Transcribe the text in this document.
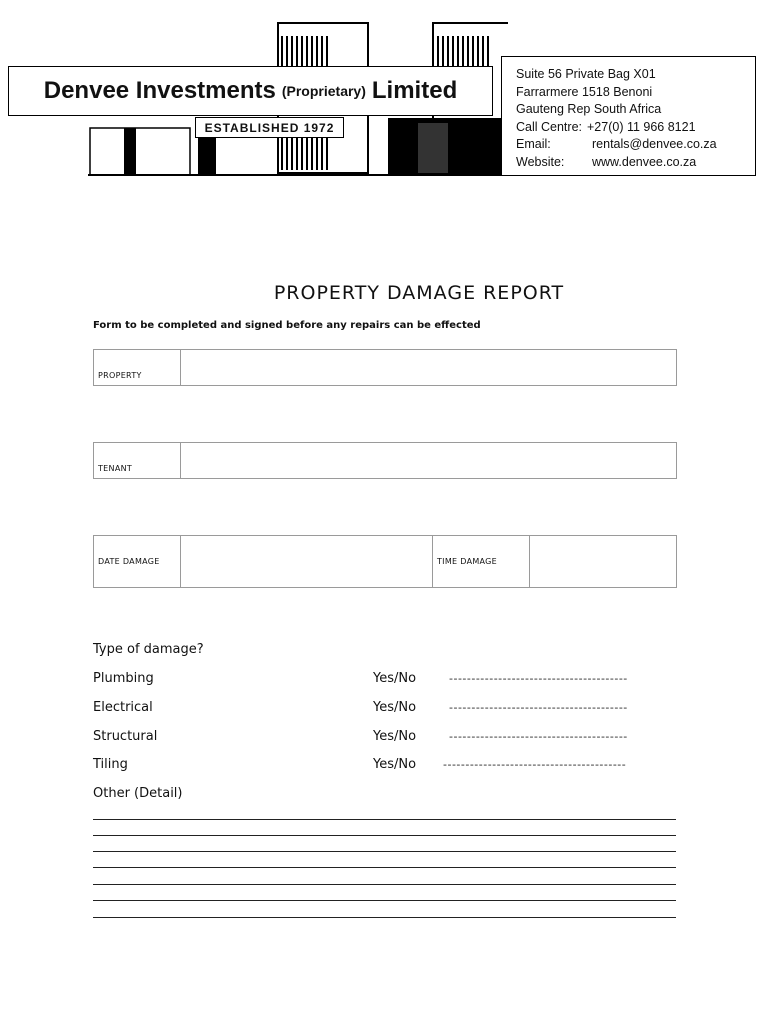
Denvee Investments (Proprietary) Limited
ESTABLISHED 1972
Suite 56 Private Bag X01
Farrarmere 1518 Benoni
Gauteng Rep South Africa
Call Centre: +27(0) 11 966 8121
Email:	rentals@denvee.co.za
Website:	www.denvee.co.za
PROPERTY DAMAGE REPORT
Form to be completed and signed before any repairs can be effected
PROPERTY
TENANT
DATE DAMAGE	TIME DAMAGE
Type of damage?
Plumbing	Yes/No	----------------------------------------
Electrical	Yes/No	----------------------------------------
Structural	Yes/No	----------------------------------------
Tiling	Yes/No -----------------------------------------
Other (Detail)
